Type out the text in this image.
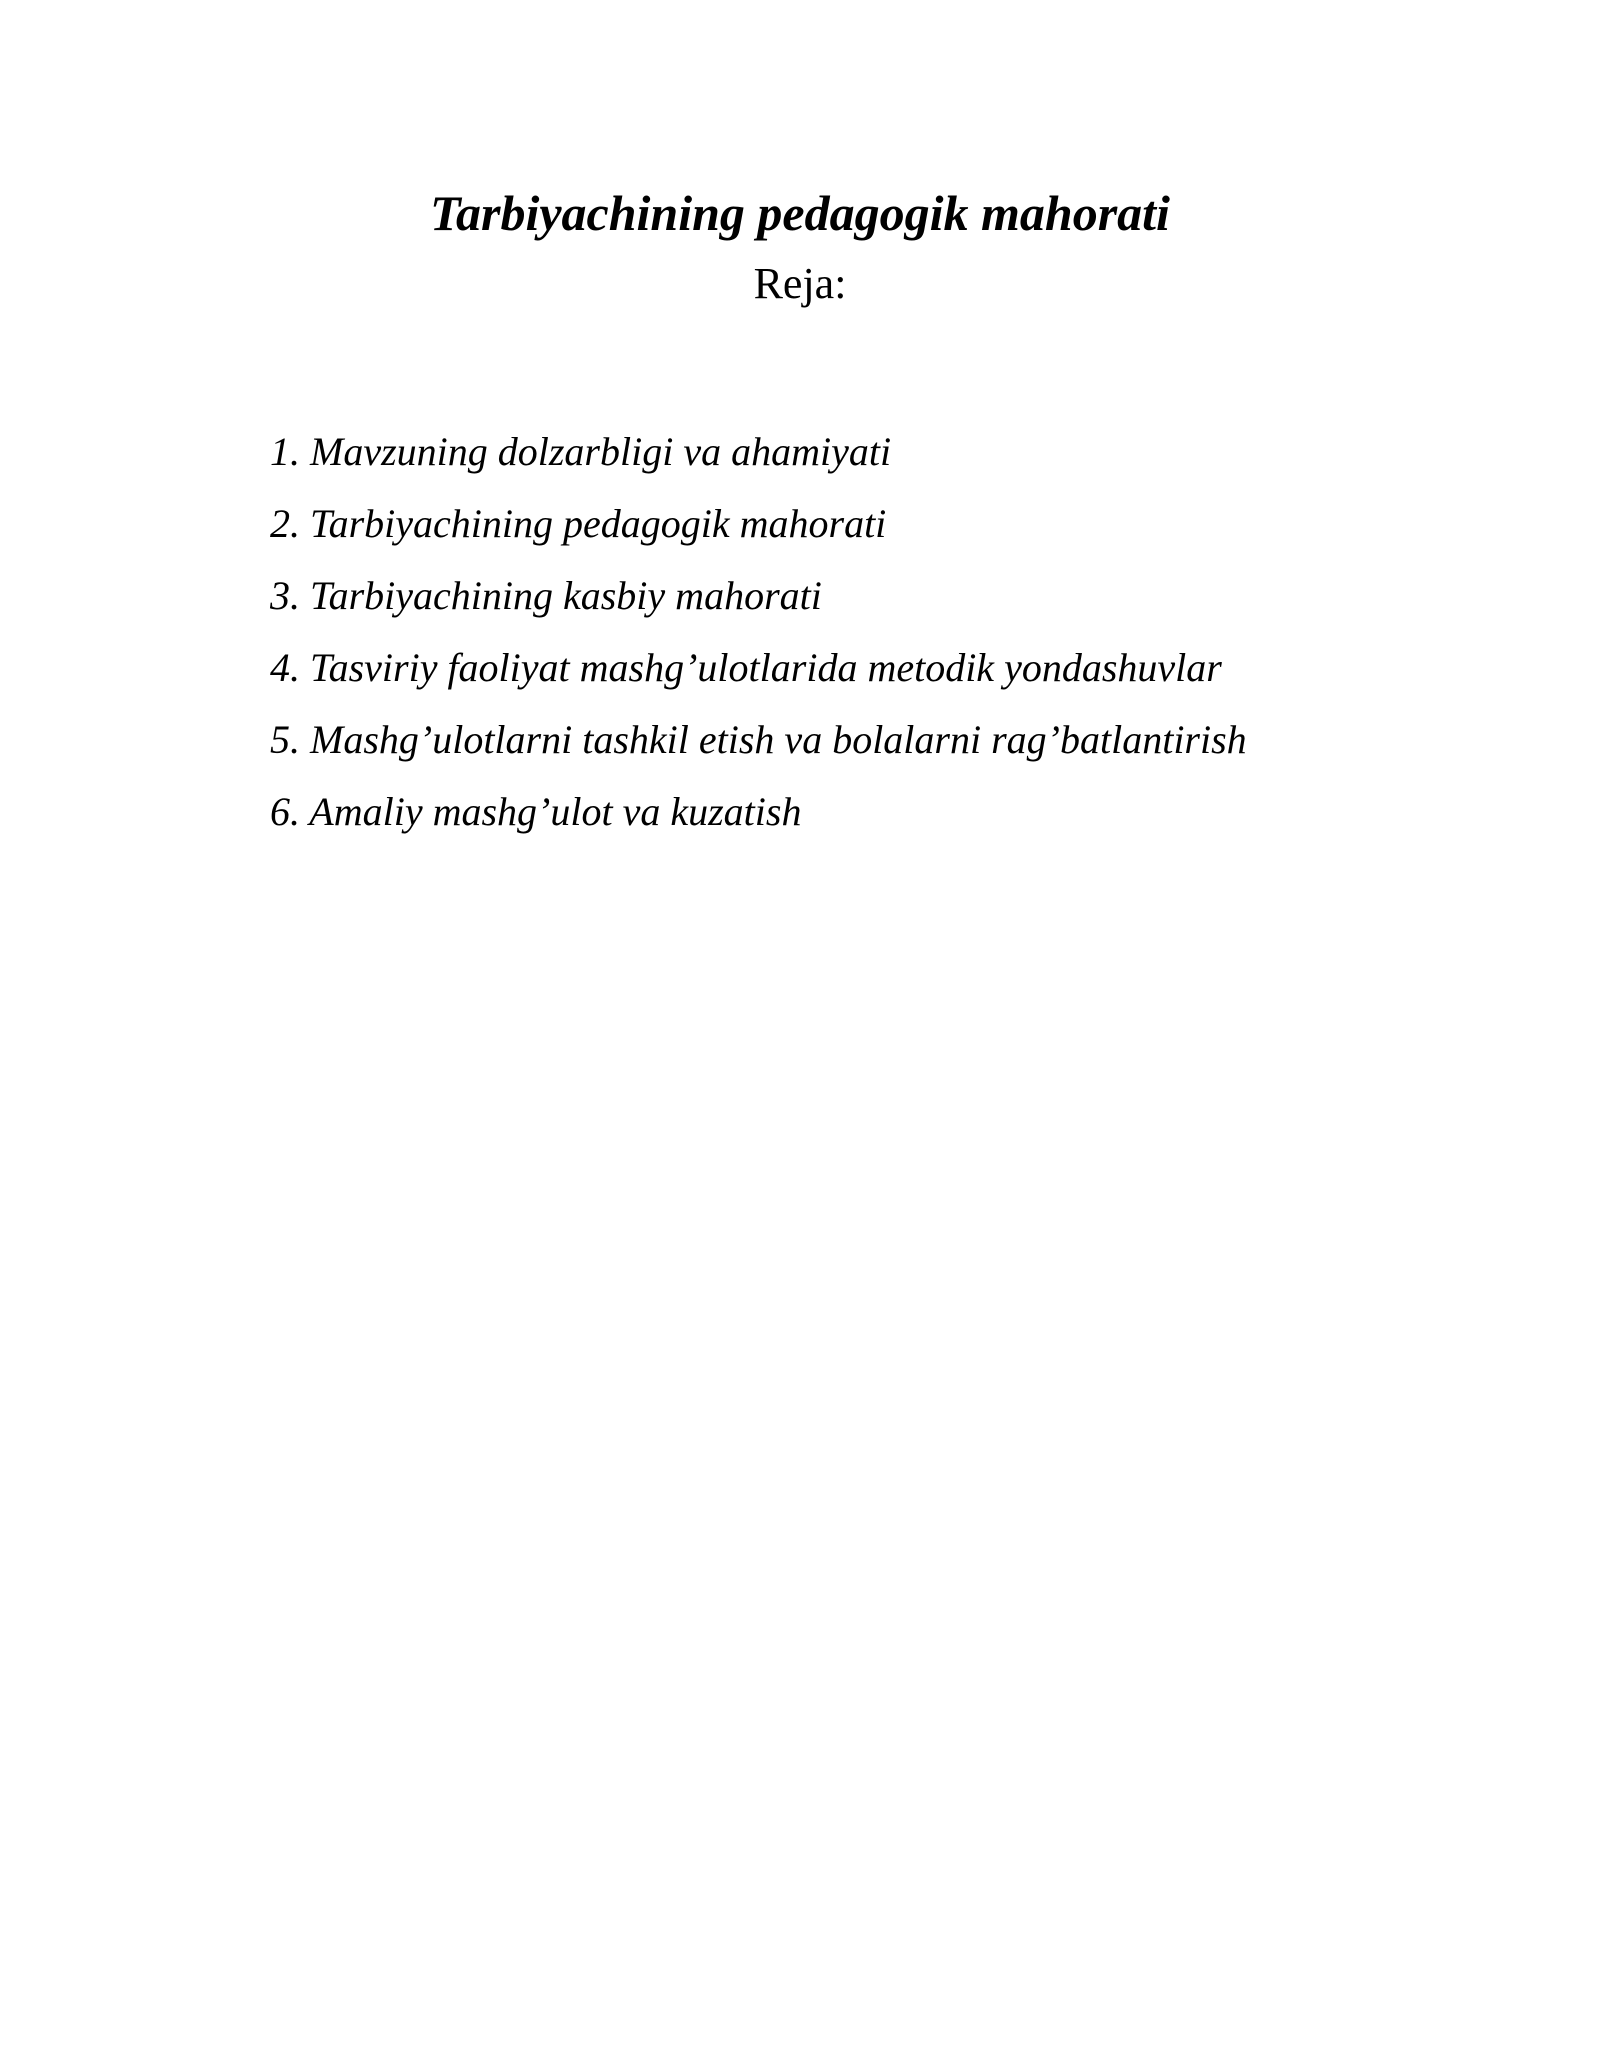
Tarbiyachining pedagogik mahorati
Reja:
1. Mavzuning dolzarbligi va ahamiyati
2. Tarbiyachining pedagogik mahorati
3. Tarbiyachining kasbiy mahorati
4. Tasviriy faoliyat mashg’ulotlarida metodik yondashuvlar
5. Mashg’ulotlarni tashkil etish va bolalarni rag’batlantirish
6. Amaliy mashg’ulot va kuzatish
